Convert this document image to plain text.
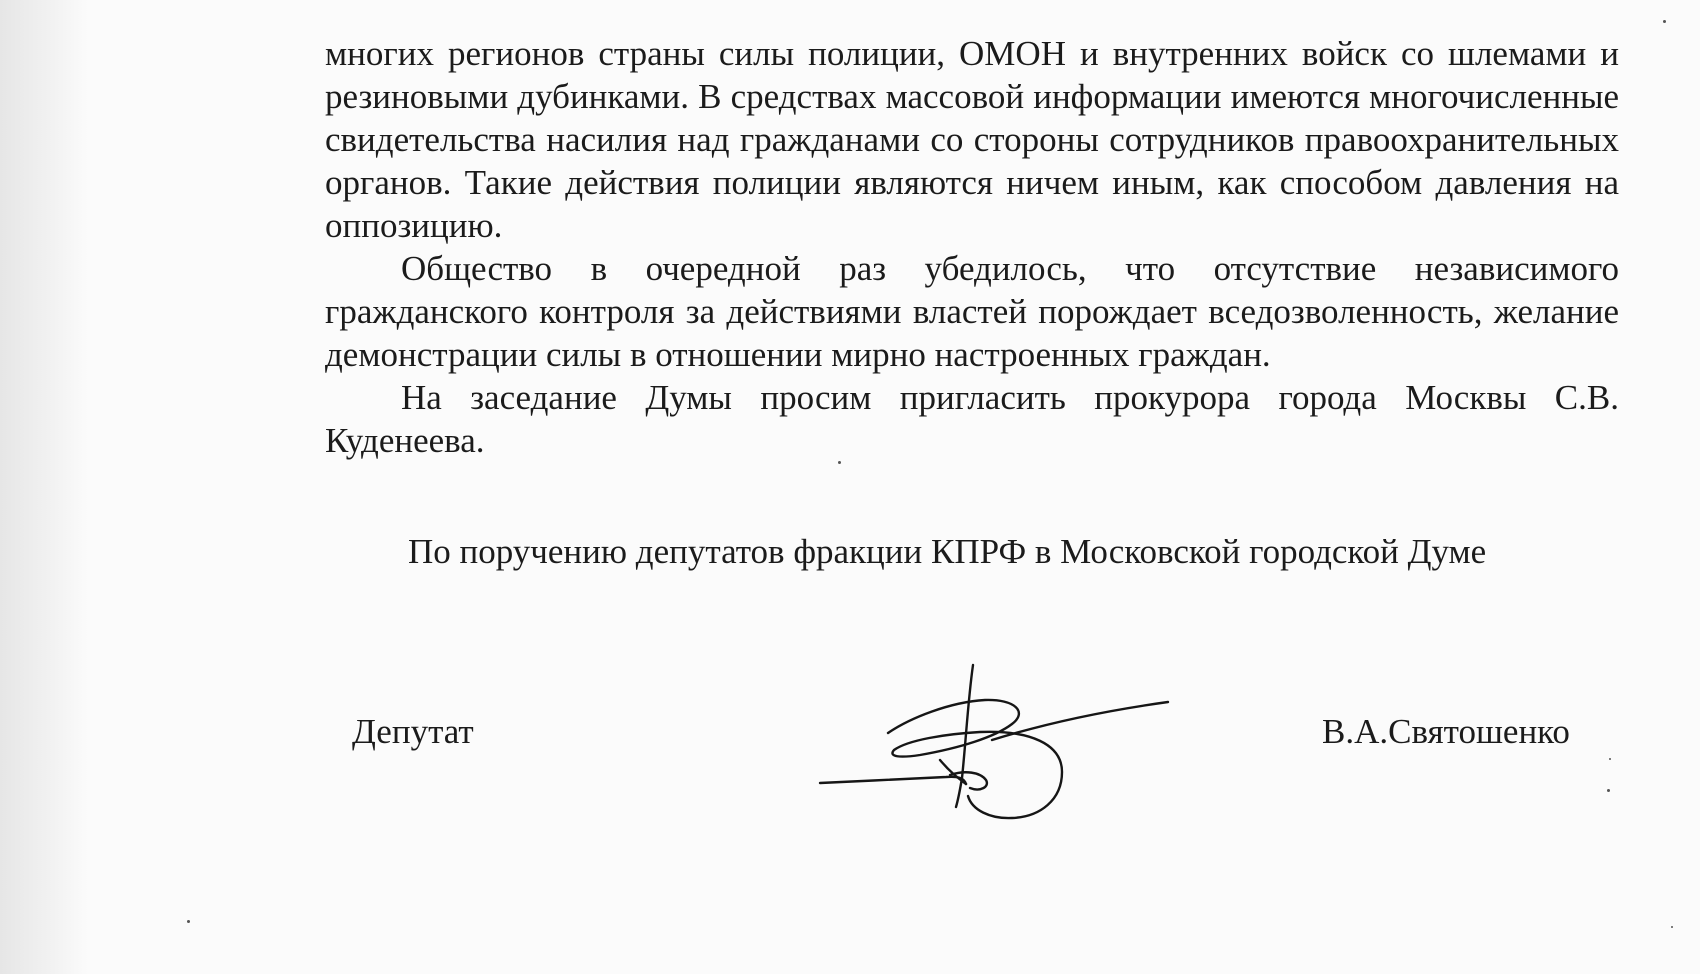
многих регионов страны силы полиции, ОМОН и внутренних войск со шлемами и резиновыми дубинками. В средствах массовой информации имеются многочисленные свидетельства насилия над гражданами со стороны сотрудников правоохранительных органов. Такие действия полиции являются ничем иным, как способом давления на оппозицию.

Общество в очередной раз убедилось, что отсутствие независимого гражданского контроля за действиями властей порождает вседозволенность, желание демонстрации силы в отношении мирно настроенных граждан.

На заседание Думы просим пригласить прокурора города Москвы С.В. Куденеева.

По поручению депутатов фракции КПРФ в Московской городской Думе
Депутат	В.А.Святошенко
